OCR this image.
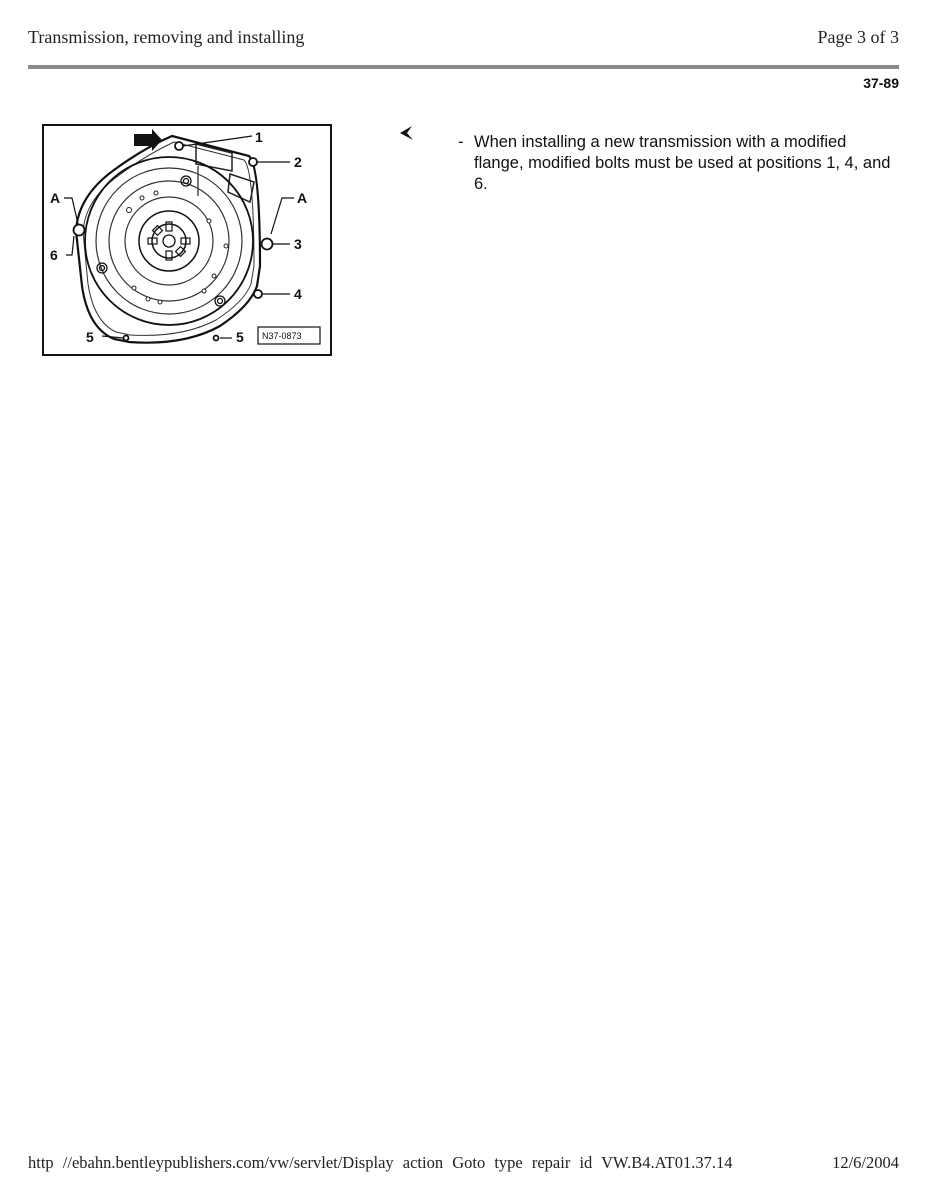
Transmission, removing and installing	Page 3 of 3
37-89
1
2
A	A
3
6
4
5	5 N37-0873
- When installing a new transmission with a modified flange, modified bolts must be used at positions 1, 4, and 6.
http //ebahn.bentleypublishers.com/vw/servlet/Display action Goto type repair id VW.B4.AT01.37.14	12/6/2004
